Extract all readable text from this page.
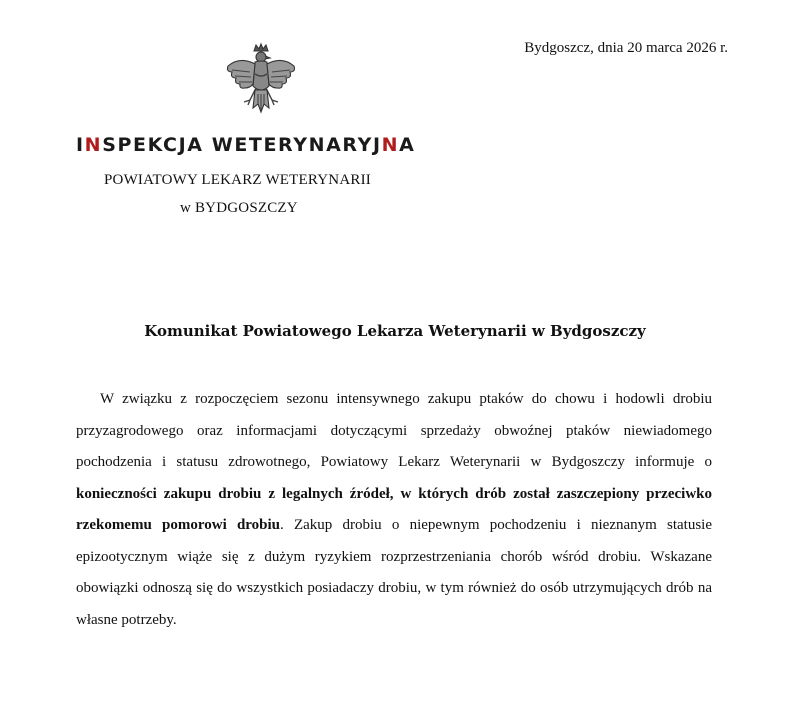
Bydgoszcz, dnia 20 marca 2026 r.
INSPEKCJA WETERYNARYJNA
POWIATOWY LEKARZ WETERYNARII
w BYDGOSZCZY
Komunikat Powiatowego Lekarza Weterynarii w Bydgoszczy

W związku z rozpoczęciem sezonu intensywnego zakupu ptaków do chowu i hodowli drobiu przyzagrodowego oraz informacjami dotyczącymi sprzedaży obwoźnej ptaków niewiadomego pochodzenia i statusu zdrowotnego, Powiatowy Lekarz Weterynarii w Bydgoszczy informuje o konieczności zakupu drobiu z legalnych źródeł, w których drób został zaszczepiony przeciwko rzekomemu pomorowi drobiu. Zakup drobiu o niepewnym pochodzeniu i nieznanym statusie epizootycznym wiąże się z dużym ryzykiem rozprzestrzeniania chorób wśród drobiu. Wskazane obowiązki odnoszą się do wszystkich posiadaczy drobiu, w tym również do osób utrzymujących drób na własne potrzeby.
